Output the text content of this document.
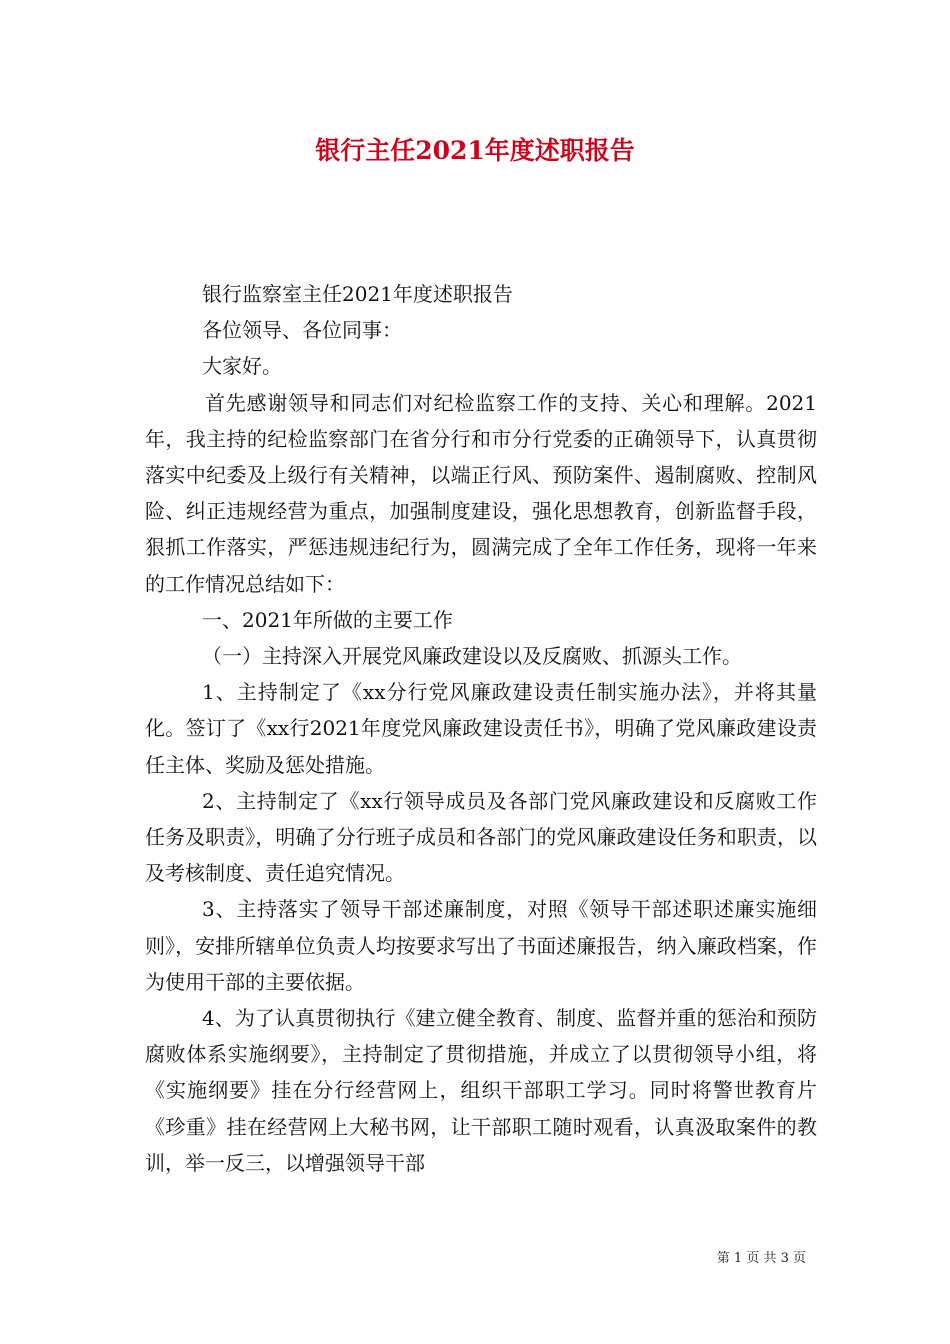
银行主任2021年度述职报告

银行监察室主任2021年度述职报告

各位领导、各位同事：

大家好。

首先感谢领导和同志们对纪检监察工作的支持、关心和理解。2021年，我主持的纪检监察部门在省分行和市分行党委的正确领导下，认真贯彻落实中纪委及上级行有关精神，以端正行风、预防案件、遏制腐败、控制风险、纠正违规经营为重点，加强制度建设，强化思想教育，创新监督手段，狠抓工作落实，严惩违规违纪行为，圆满完成了全年工作任务，现将一年来的工作情况总结如下：

一、2021年所做的主要工作

（一）主持深入开展党风廉政建设以及反腐败、抓源头工作。

1、主持制定了《xx分行党风廉政建设责任制实施办法》，并将其量化。签订了《xx行2021年度党风廉政建设责任书》，明确了党风廉政建设责任主体、奖励及惩处措施。

2、主持制定了《xx行领导成员及各部门党风廉政建设和反腐败工作任务及职责》，明确了分行班子成员和各部门的党风廉政建设任务和职责，以及考核制度、责任追究情况。

3、主持落实了领导干部述廉制度，对照《领导干部述职述廉实施细则》，安排所辖单位负责人均按要求写出了书面述廉报告，纳入廉政档案，作为使用干部的主要依据。

4、为了认真贯彻执行《建立健全教育、制度、监督并重的惩治和预防腐败体系实施纲要》，主持制定了贯彻措施，并成立了以贯彻领导小组，将《实施纲要》挂在分行经营网上，组织干部职工学习。同时将警世教育片《珍重》挂在经营网上大秘书网，让干部职工随时观看，认真汲取案件的教训，举一反三，以增强领导干部

第 1 页 共 3 页
